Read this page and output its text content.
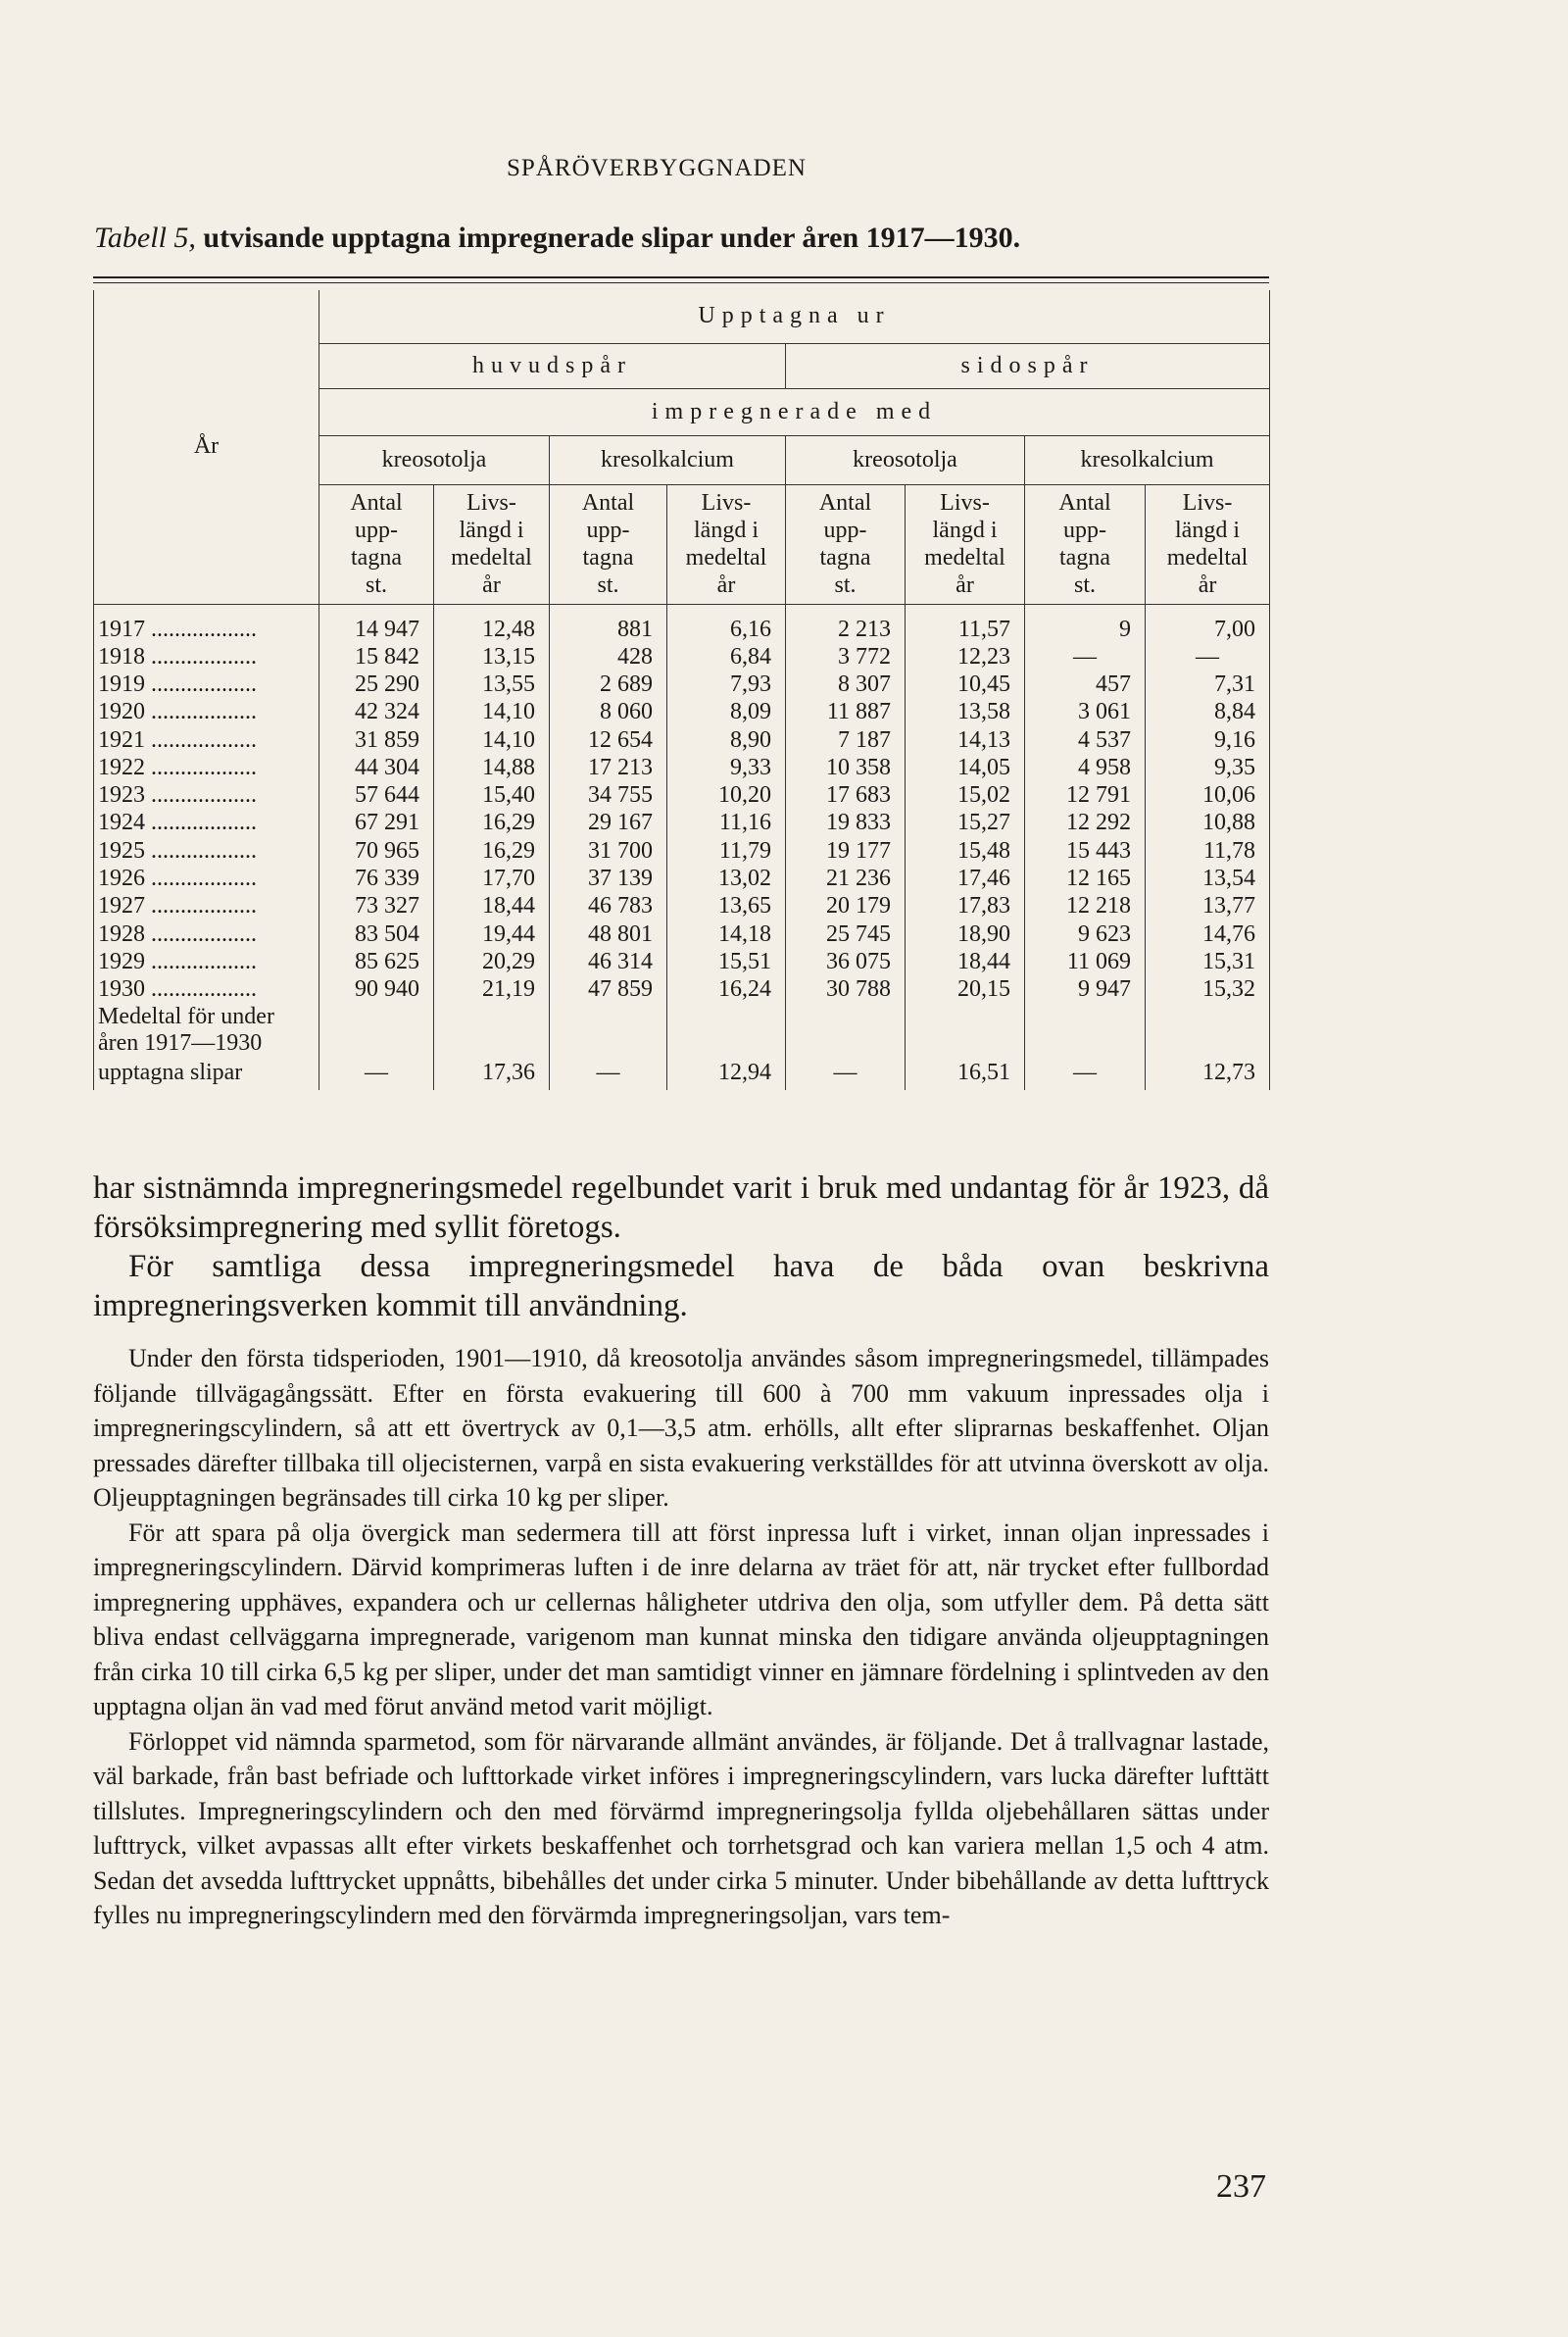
SPÅRÖVERBYGGNADEN
Tabell 5, utvisande upptagna impregnerade slipar under åren 1917—1930.
År	Upptagna ur							
	huvudspår				sidospår			
	impregnerade med							
	kreosotolja		kresolkalcium		kreosotolja		kresolkalcium	
	Antal
upp-
tagna
st.	Livs-
längd i
medeltal
år	Antal
upp-
tagna
st.	Livs-
längd i
medeltal
år	Antal
upp-
tagna
st.	Livs-
längd i
medeltal
år	Antal
upp-
tagna
st.	Livs-
längd i
medeltal
år
1917 ..................	14 947	12,48	881	6,16	2 213	11,57	9	7,00
1918 ..................	15 842	13,15	428	6,84	3 772	12,23	—	—
1919 ..................	25 290	13,55	2 689	7,93	8 307	10,45	457	7,31
1920 ..................	42 324	14,10	8 060	8,09	11 887	13,58	3 061	8,84
1921 ..................	31 859	14,10	12 654	8,90	7 187	14,13	4 537	9,16
1922 ..................	44 304	14,88	17 213	9,33	10 358	14,05	4 958	9,35
1923 ..................	57 644	15,40	34 755	10,20	17 683	15,02	12 791	10,06
1924 ..................	67 291	16,29	29 167	11,16	19 833	15,27	12 292	10,88
1925 ..................	70 965	16,29	31 700	11,79	19 177	15,48	15 443	11,78
1926 ..................	76 339	17,70	37 139	13,02	21 236	17,46	12 165	13,54
1927 ..................	73 327	18,44	46 783	13,65	20 179	17,83	12 218	13,77
1928 ..................	83 504	19,44	48 801	14,18	25 745	18,90	9 623	14,76
1929 ..................	85 625	20,29	46 314	15,51	36 075	18,44	11 069	15,31
1930 ..................	90 940	21,19	47 859	16,24	30 788	20,15	9 947	15,32
Medeltal för under								
åren 1917—1930								
upptagna slipar	—	17,36	—	12,94	—	16,51	—	12,73

har sistnämnda impregneringsmedel regelbundet varit i bruk med undantag för år 1923, då försöksimpregnering med syllit företogs.

För samtliga dessa impregneringsmedel hava de båda ovan beskrivna impregneringsverken kommit till användning.

Under den första tidsperioden, 1901—1910, då kreosotolja användes såsom impregneringsmedel, tillämpades följande tillvägagångssätt. Efter en första evakuering till 600 à 700 mm vakuum inpressades olja i impregneringscylindern, så att ett övertryck av 0,1—3,5 atm. erhölls, allt efter sliprarnas beskaffenhet. Oljan pressades därefter tillbaka till oljecisternen, varpå en sista evakuering verkställdes för att utvinna överskott av olja. Oljeupptagningen begränsades till cirka 10 kg per sliper.

För att spara på olja övergick man sedermera till att först inpressa luft i virket, innan oljan inpressades i impregneringscylindern. Därvid komprimeras luften i de inre delarna av träet för att, när trycket efter fullbordad impregnering upphäves, expandera och ur cellernas håligheter utdriva den olja, som utfyller dem. På detta sätt bliva endast cellväggarna impregnerade, varigenom man kunnat minska den tidigare använda oljeupptagningen från cirka 10 till cirka 6,5 kg per sliper, under det man samtidigt vinner en jämnare fördelning i splintveden av den upptagna oljan än vad med förut använd metod varit möjligt.

Förloppet vid nämnda sparmetod, som för närvarande allmänt användes, är följande. Det å trallvagnar lastade, väl barkade, från bast befriade och lufttorkade virket införes i impregneringscylindern, vars lucka därefter lufttätt tillslutes. Impregneringscylindern och den med förvärmd impregneringsolja fyllda oljebehållaren sättas under lufttryck, vilket avpassas allt efter virkets beskaffenhet och torrhetsgrad och kan variera mellan 1,5 och 4 atm. Sedan det avsedda lufttrycket uppnåtts, bibehålles det under cirka 5 minuter. Under bibehållande av detta lufttryck fylles nu impregneringscylindern med den förvärmda impregneringsoljan, vars tem-

237
